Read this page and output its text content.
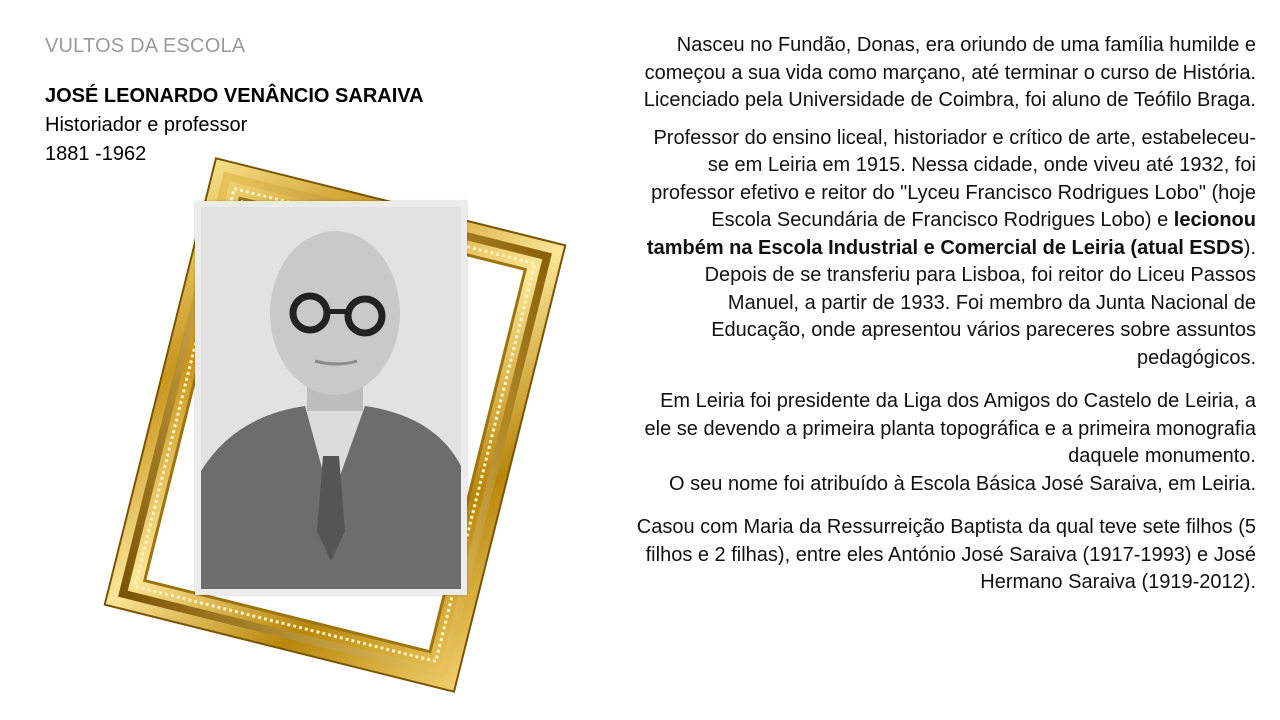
VULTOS DA ESCOLA
JOSÉ LEONARDO VENÂNCIO SARAIVA
Historiador e professor
1881 -1962

Nasceu no Fundão, Donas, era oriundo de uma família humilde e começou a sua vida como marçano, até terminar o curso de História. Licenciado pela Universidade de Coimbra, foi aluno de Teófilo Braga.

Professor do ensino liceal, historiador e crítico de arte, estabeleceu-se em Leiria em 1915. Nessa cidade, onde viveu até 1932, foi professor efetivo e reitor do "Lyceu Francisco Rodrigues Lobo" (hoje Escola Secundária de Francisco Rodrigues Lobo) e lecionou também na Escola Industrial e Comercial de Leiria (atual ESDS). Depois de se transferiu para Lisboa, foi reitor do Liceu Passos Manuel, a partir de 1933. Foi membro da Junta Nacional de Educação, onde apresentou vários pareceres sobre assuntos pedagógicos.

Em Leiria foi presidente da Liga dos Amigos do Castelo de Leiria, a ele se devendo a primeira planta topográfica e a primeira monografia daquele monumento.

O seu nome foi atribuído à Escola Básica José Saraiva, em Leiria.

Casou com Maria da Ressurreição Baptista da qual teve sete filhos (5 filhos e 2 filhas), entre eles António José Saraiva (1917-1993) e José Hermano Saraiva (1919-2012).
